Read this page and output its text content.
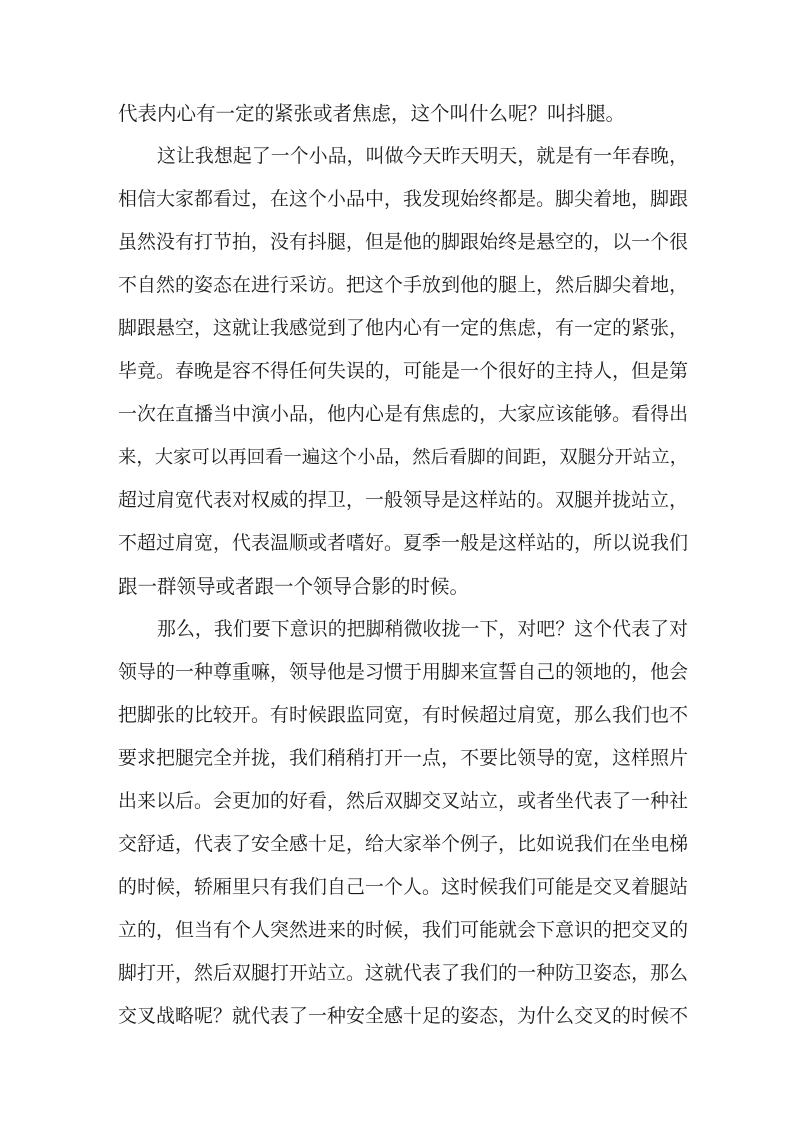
代表内心有一定的紧张或者焦虑，这个叫什么呢？叫抖腿。
这让我想起了一个小品，叫做今天昨天明天，就是有一年春晚，
相信大家都看过，在这个小品中，我发现始终都是。脚尖着地，脚跟
虽然没有打节拍，没有抖腿，但是他的脚跟始终是悬空的，以一个很
不自然的姿态在进行采访。把这个手放到他的腿上，然后脚尖着地，
脚跟悬空，这就让我感觉到了他内心有一定的焦虑，有一定的紧张，
毕竟。春晚是容不得任何失误的，可能是一个很好的主持人，但是第
一次在直播当中演小品，他内心是有焦虑的，大家应该能够。看得出
来，大家可以再回看一遍这个小品，然后看脚的间距，双腿分开站立，
超过肩宽代表对权威的捍卫，一般领导是这样站的。双腿并拢站立，
不超过肩宽，代表温顺或者嗜好。夏季一般是这样站的，所以说我们
跟一群领导或者跟一个领导合影的时候。
那么，我们要下意识的把脚稍微收拢一下，对吧？这个代表了对
领导的一种尊重嘛，领导他是习惯于用脚来宣誓自己的领地的，他会
把脚张的比较开。有时候跟监同宽，有时候超过肩宽，那么我们也不
要求把腿完全并拢，我们稍稍打开一点，不要比领导的宽，这样照片
出来以后。会更加的好看，然后双脚交叉站立，或者坐代表了一种社
交舒适，代表了安全感十足，给大家举个例子，比如说我们在坐电梯
的时候，轿厢里只有我们自己一个人。这时候我们可能是交叉着腿站
立的，但当有个人突然进来的时候，我们可能就会下意识的把交叉的
脚打开，然后双腿打开站立。这就代表了我们的一种防卫姿态，那么
交叉战略呢？就代表了一种安全感十足的姿态，为什么交叉的时候不
